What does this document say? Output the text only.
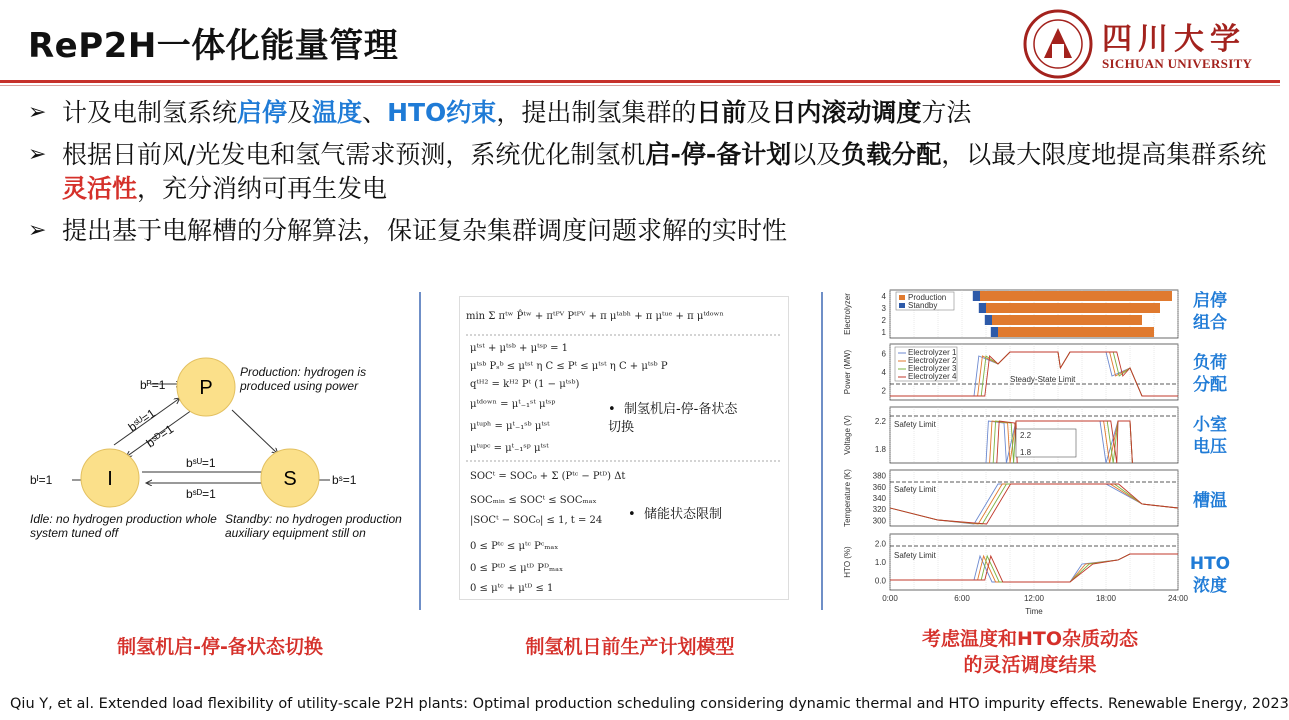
ReP2H一体化能量管理	四川大学
SICHUAN UNIVERSITY
➢ 计及电制氢系统启停及温度、HTO约束，提出制氢集群的日前及日内滚动调度方法
➢ 根据日前风/光发电和氢气需求预测，系统优化制氢机启-停-备计划以及负载分配，以最大限度地提高集群系统灵活性，充分消纳可再生发电
➢ 提出基于电解槽的分解算法，保证复杂集群调度问题求解的实时性
P
I	S
bᴾ=1
bᴵ=1	bˢ=1
bˢᵁ=1
bˢᴰ=1
bˢᵁ=1
bˢᴰ=1
Production: hydrogen is produced using power
Idle: no hydrogen production whole system tuned off
Standby: no hydrogen production auxiliary equipment still on
min Σ πᵗʷ P̂ᵗʷ + πᵗᴾⱽ Pᵗᴾⱽ + π μᵗᵃᵇʰ + π μᵗᵘᵉ + π μᵗᵈᵒʷⁿ
μᵗˢᵗ + μᵗˢᵇ + μᵗˢᵖ = 1
μᵗˢᵇ Pₛᵇ ≤ μᵗˢᵗ η C ≤ Pᵗ ≤ μᵗˢᵗ η C + μᵗˢᵇ P
qᵗᴴ² = kᴴ² Pᵗ (1 − μᵗˢᵇ)
μᵗᵈᵒʷⁿ = μᵗ₋₁ˢᵗ μᵗˢᵖ
μᵗᵘᵖʰ = μᵗ₋₁ˢᵇ μᵗˢᵗ
μᵗᵘᵖᶜ = μᵗ₋₁ˢᵖ μᵗˢᵗ
SOCᵗ = SOC₀ + Σ (Pᵗᶜ − Pᵗᴰ) Δt
SOCₘᵢₙ ≤ SOCᵗ ≤ SOCₘₐₓ
|SOCᵗ − SOC₀| ≤ 1, t = 24
0 ≤ Pᵗᶜ ≤ μᵗᶜ Pᶜₘₐₓ
0 ≤ Pᵗᴰ ≤ μᵗᴰ Pᴰₘₐₓ
0 ≤ μᵗᶜ + μᵗᴰ ≤ 1
•  制氢机启-停-备状态切换
•  储能状态限制
Electrolyzer	1
2
3
4
Power (MW)	2
4
6
Voltage (V)	1.8
2.2
Temperature (K)	300
320
340
360
380
HTO (%)
0.0
1.0
2.0
Production
Standby
Steady-State Limit
Electrolyzer 1
Electrolyzer 2
Electrolyzer 3
Electrolyzer 4
Safety Limit
2.2
1.8
Safety Limit
Safety Limit
0:00	6:00	12:00	18:00	24:00
Time
启停
组合
负荷
分配
小室
电压
槽温
HTO
浓度
制氢机启-停-备状态切换	制氢机日前生产计划模型	考虑温度和HTO杂质动态
的灵活调度结果
Qiu Y, et al. Extended load flexibility of utility-scale P2H plants: Optimal production scheduling considering dynamic thermal and HTO impurity effects. Renewable Energy, 2023
